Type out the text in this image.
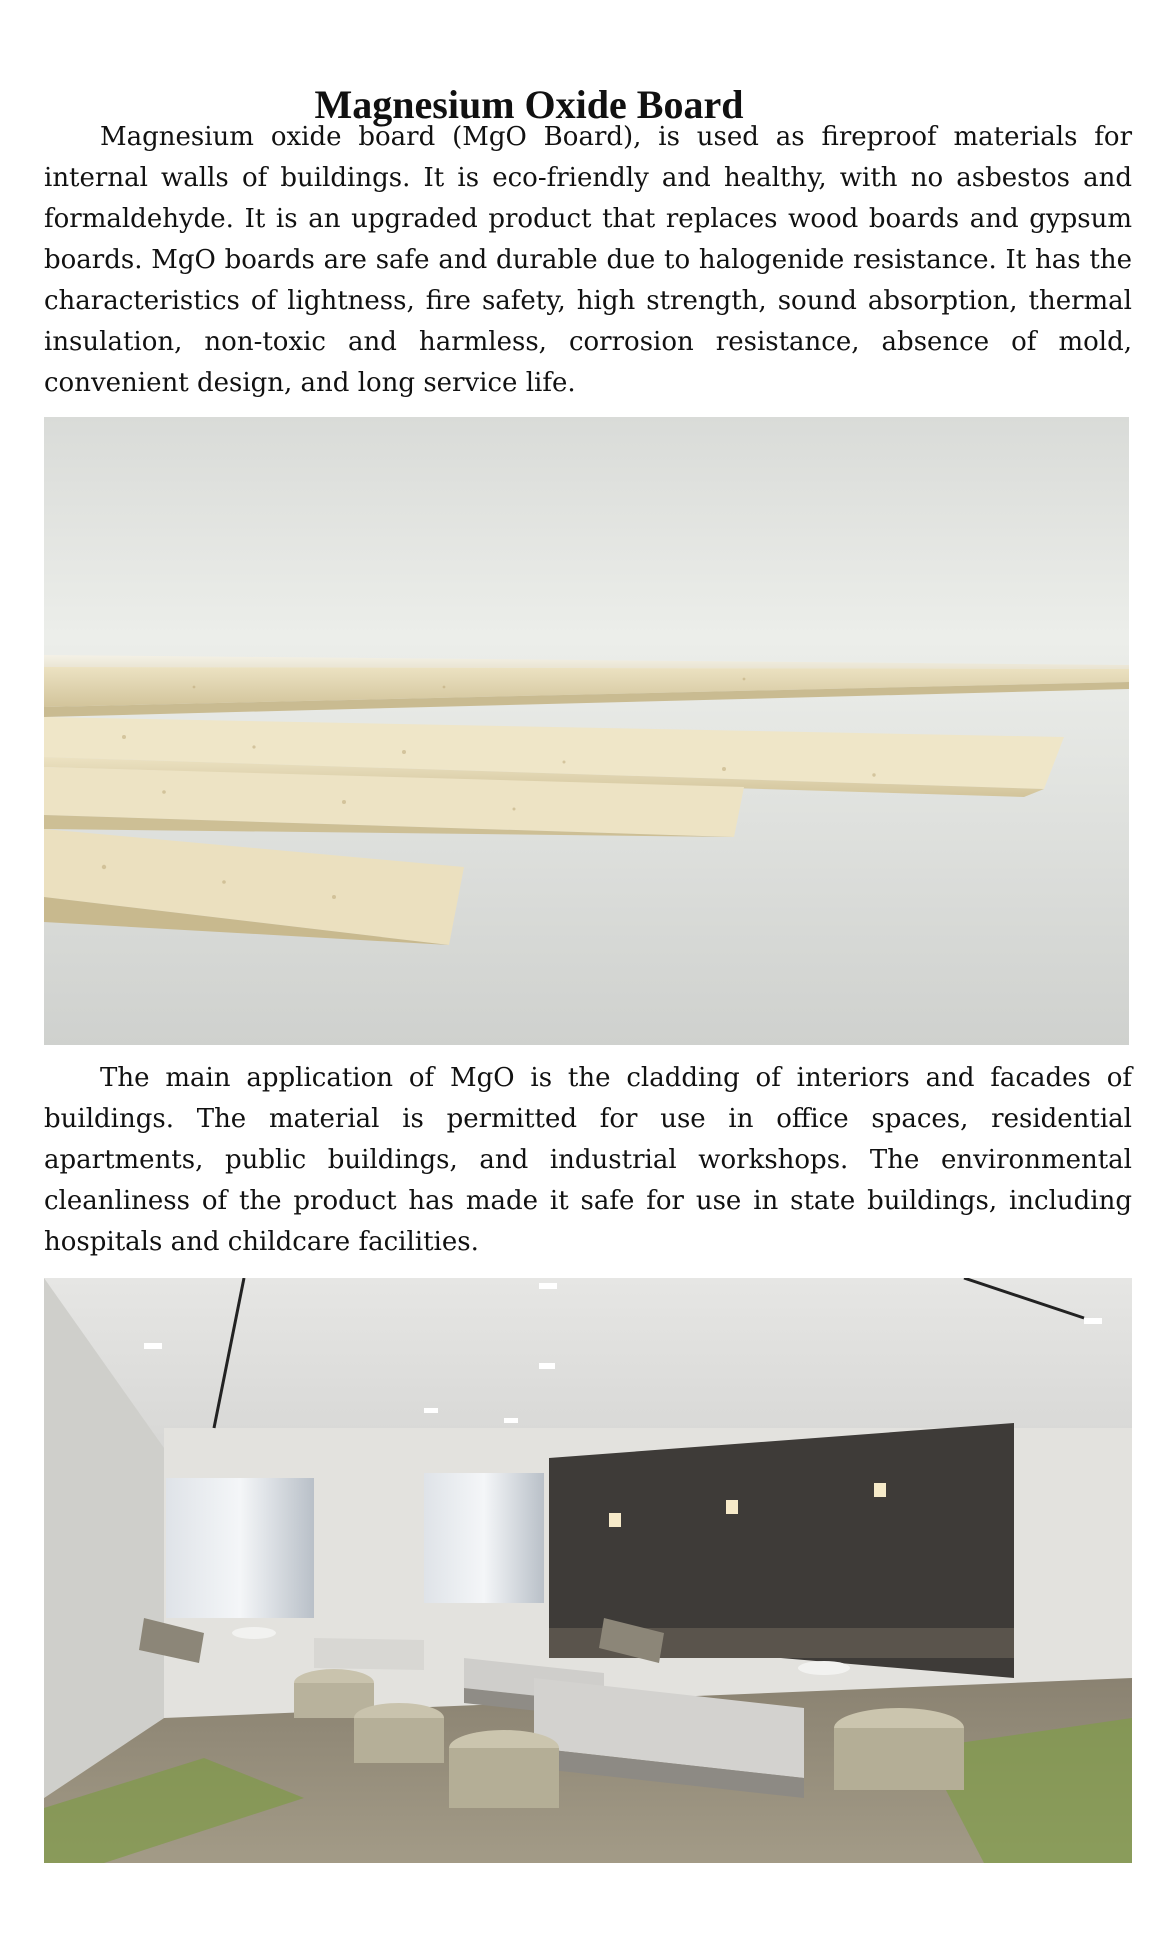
Magnesium Oxide Board

Magnesium oxide board (MgO Board), is used as fireproof materials for internal walls of buildings. It is eco-friendly and healthy, with no asbestos and formaldehyde. It is an upgraded product that replaces wood boards and gypsum boards. MgO boards are safe and durable due to halogenide resistance. It has the characteristics of lightness, fire safety, high strength, sound absorption, thermal insulation, non-toxic and harmless, corrosion resistance, absence of mold, convenient design, and long service life.

The main application of MgO is the cladding of interiors and facades of buildings. The material is permitted for use in office spaces, residential apartments, public buildings, and industrial workshops. The environmental cleanliness of the product has made it safe for use in state buildings, including hospitals and childcare facilities.
